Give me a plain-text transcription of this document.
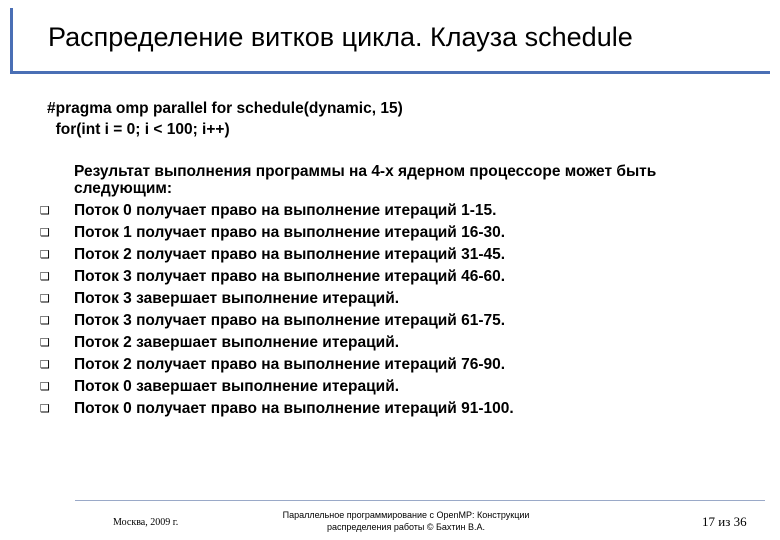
Распределение витков цикла. Клауза schedule
#pragma omp parallel for schedule(dynamic, 15)
for(int i = 0; i < 100; i++)
Результат выполнения программы на 4-х ядерном процессоре может быть следующим:
❑ Поток 0 получает право на выполнение итераций 1-15.
❑ Поток 1 получает право на выполнение итераций 16-30.
❑ Поток 2 получает право на выполнение итераций 31-45.
❑ Поток 3 получает право на выполнение итераций 46-60.
❑ Поток 3 завершает выполнение итераций.
❑ Поток 3 получает право на выполнение итераций 61-75.
❑ Поток 2 завершает выполнение итераций.
❑ Поток 2 получает право на выполнение итераций 76-90.
❑ Поток 0 завершает выполнение итераций.
❑ Поток 0 получает право на выполнение итераций 91-100.
Москва, 2009 г.
Параллельное программирование с OpenMP: Конструкции
распределения работы © Бахтин В.А.	17 из 36
